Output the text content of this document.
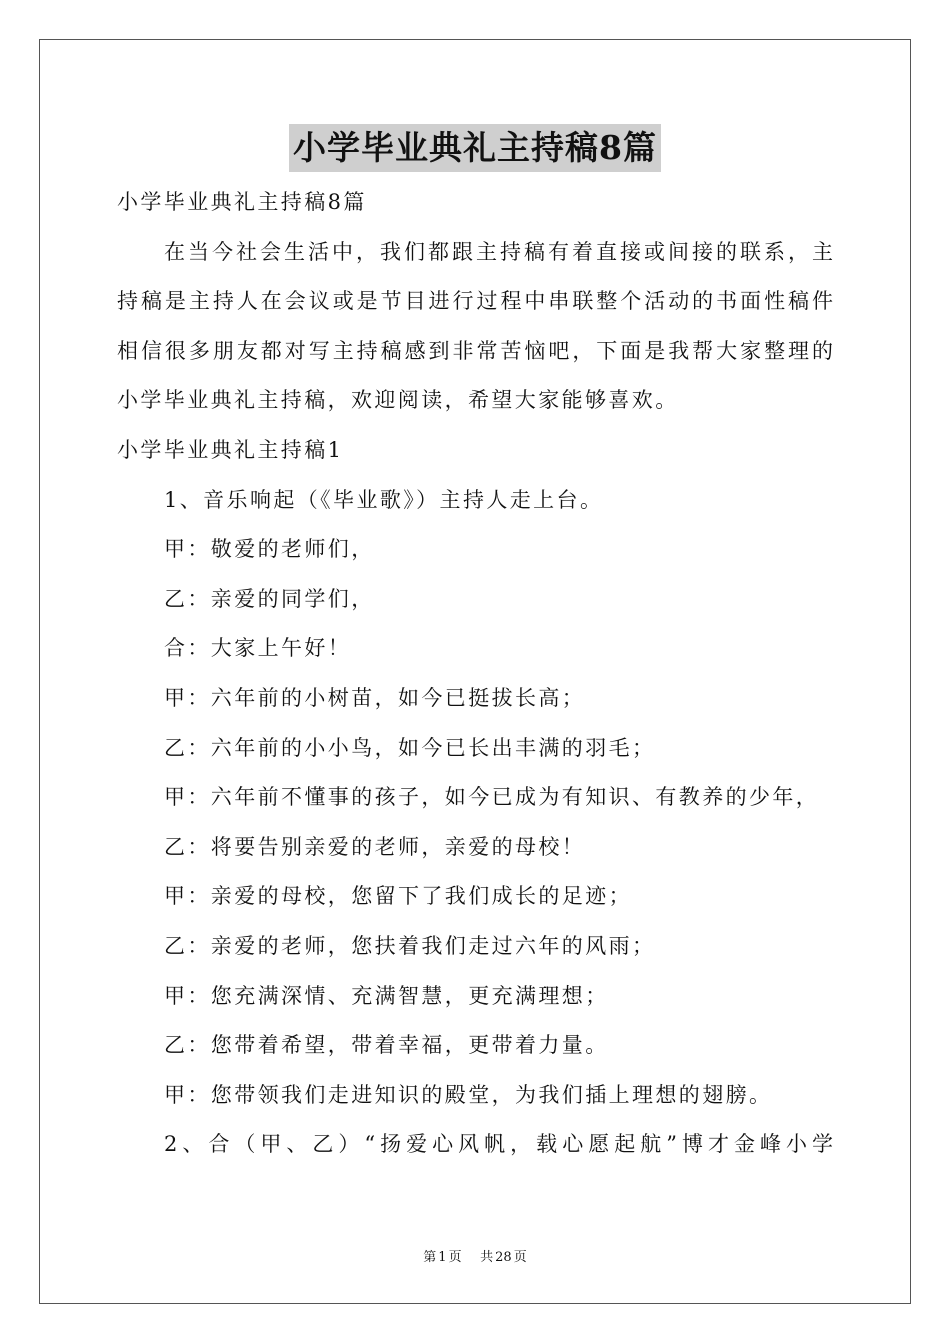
小学毕业典礼主持稿8篇
小学毕业典礼主持稿8篇
在当今社会生活中，我们都跟主持稿有着直接或间接的联系，主
持稿是主持人在会议或是节目进行过程中串联整个活动的书面性稿件
相信很多朋友都对写主持稿感到非常苦恼吧，下面是我帮大家整理的
小学毕业典礼主持稿，欢迎阅读，希望大家能够喜欢。
小学毕业典礼主持稿1
1、音乐响起（《毕业歌》）主持人走上台。
甲：敬爱的老师们，
乙：亲爱的同学们，
合：大家上午好！
甲：六年前的小树苗，如今已挺拔长高；
乙：六年前的小小鸟，如今已长出丰满的羽毛；
甲：六年前不懂事的孩子，如今已成为有知识、有教养的少年，
乙：将要告别亲爱的老师，亲爱的母校！
甲：亲爱的母校，您留下了我们成长的足迹；
乙：亲爱的老师，您扶着我们走过六年的风雨；
甲：您充满深情、充满智慧，更充满理想；
乙：您带着希望，带着幸福，更带着力量。
甲：您带领我们走进知识的殿堂，为我们插上理想的翅膀。
2、合（甲、乙）“扬爱心风帆，载心愿起航”博才金峰小学
第 1 页 共 28 页
